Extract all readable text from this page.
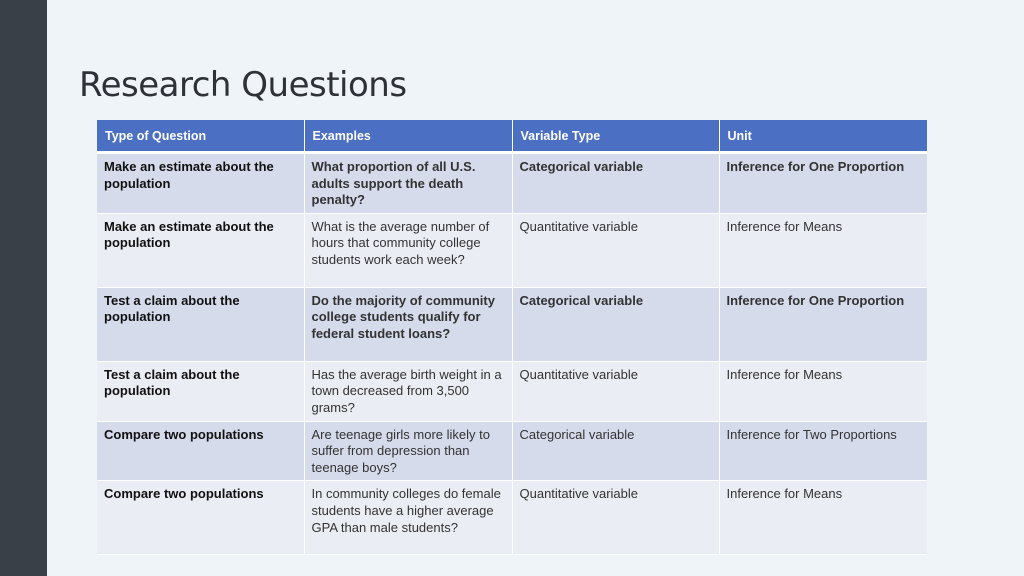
Research Questions
Type of Question	Examples	Variable Type	Unit
Make an estimate about the population	What proportion of all U.S. adults support the death penalty?	Categorical variable	Inference for One Proportion
Make an estimate about the population	What is the average number of hours that community college students work each week?	Quantitative variable	Inference for Means
Test a claim about the population	Do the majority of community college students qualify for federal student loans?	Categorical variable	Inference for One Proportion
Test a claim about the population	Has the average birth weight in a town decreased from 3,500 grams?	Quantitative variable	Inference for Means
Compare two populations	Are teenage girls more likely to suffer from depression than teenage boys?	Categorical variable	Inference for Two Proportions
Compare two populations	In community colleges do female students have a higher average GPA than male students?	Quantitative variable	Inference for Means
